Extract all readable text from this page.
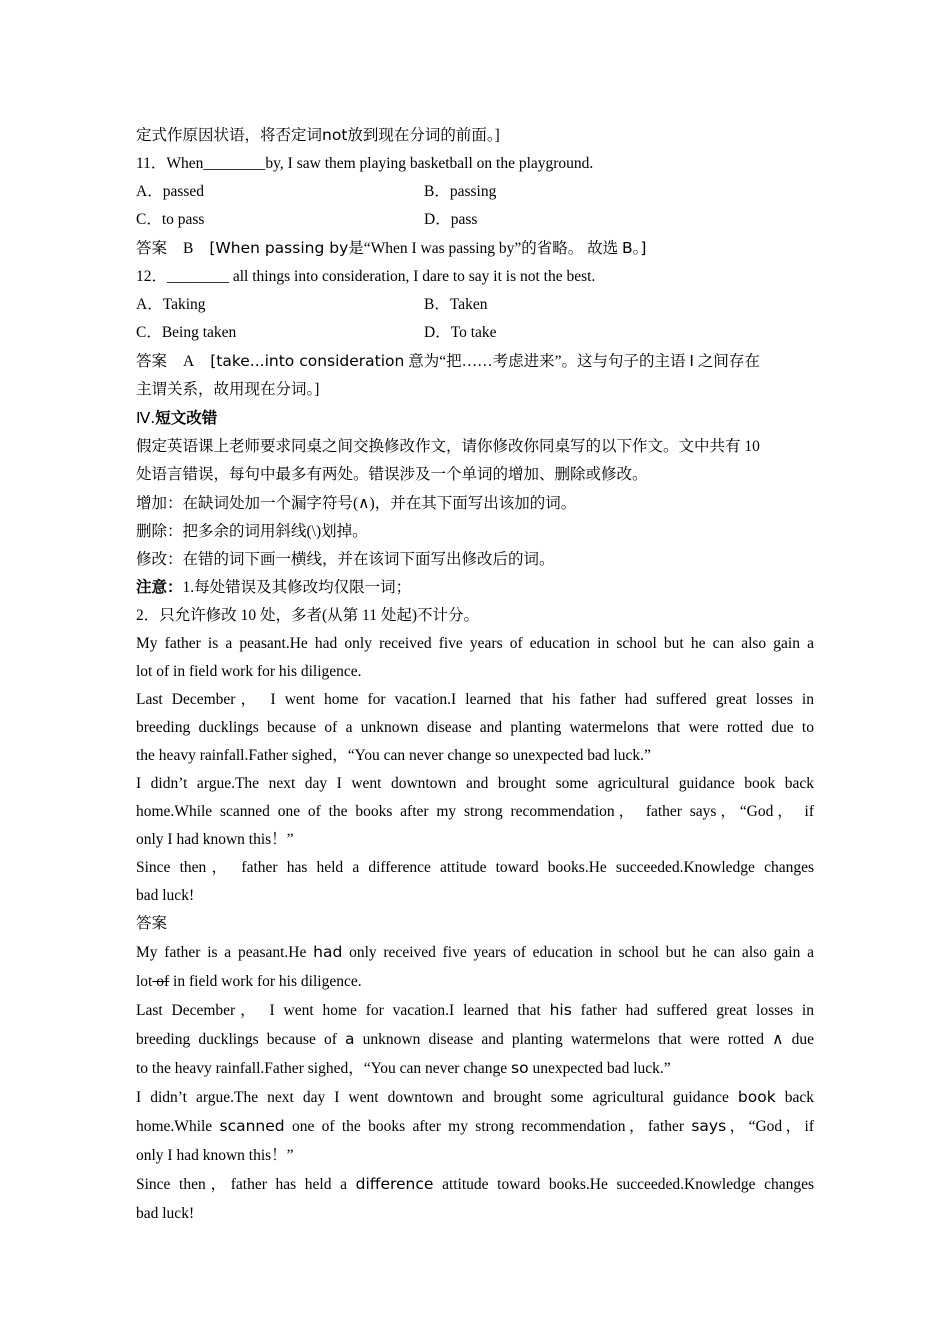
定式作原因状语，将否定词not放到现在分词的前面。]
11．When________by, I saw them playing basketball on the playground.
A．passed	B．passing
C．to pass	D．pass
答案 B [When passing by是“When I was passing by”的省略。 故选 B。]
12．________ all things into consideration, I dare to say it is not the best.
A．Taking	B．Taken
C．Being taken	D．To take
答案 A [take...into consideration 意为“把……考虑进来”。这与句子的主语 I 之间存在
主谓关系，故用现在分词。]
Ⅳ.短文改错
假定英语课上老师要求同桌之间交换修改作文，请你修改你同桌写的以下作文。文中共有 10
处语言错误，每句中最多有两处。错误涉及一个单词的增加、删除或修改。
增加：在缺词处加一个漏字符号(∧)，并在其下面写出该加的词。
删除：把多余的词用斜线(\)划掉。
修改：在错的词下画一横线，并在该词下面写出修改后的词。
注意：1.每处错误及其修改均仅限一词；
2．只允许修改 10 处，多者(从第 11 处起)不计分。
My father is a peasant.He had only received five years of education in school but he can also gain a
lot of in field work for his diligence.
Last December， I went home for vacation.I learned that his father had suffered great losses in
breeding ducklings because of a unknown disease and planting watermelons that were rotted due to
the heavy rainfall.Father sighed，“You can never change so unexpected bad luck.”
I didn’t argue.The next day I went downtown and brought some agricultural guidance book back
home.While scanned one of the books after my strong recommendation， father says，“God， if
only I had known this！”
Since then， father has held a difference attitude toward books.He succeeded.Knowledge changes
bad luck!
答案
My father is a peasant.He had only received five years of education in school but he can also gain a
lot of in field work for his diligence.
Last December， I went home for vacation.I learned that his father had suffered great losses in
breeding ducklings because of a unknown disease and planting watermelons that were rotted ∧ due
to the heavy rainfall.Father sighed，“You can never change so unexpected bad luck.”
I didn’t argue.The next day I went downtown and brought some agricultural guidance book back
home.While scanned one of the books after my strong recommendation，father says，“God，if
only I had known this！”
Since then，father has held a difference attitude toward books.He succeeded.Knowledge changes
bad luck!
